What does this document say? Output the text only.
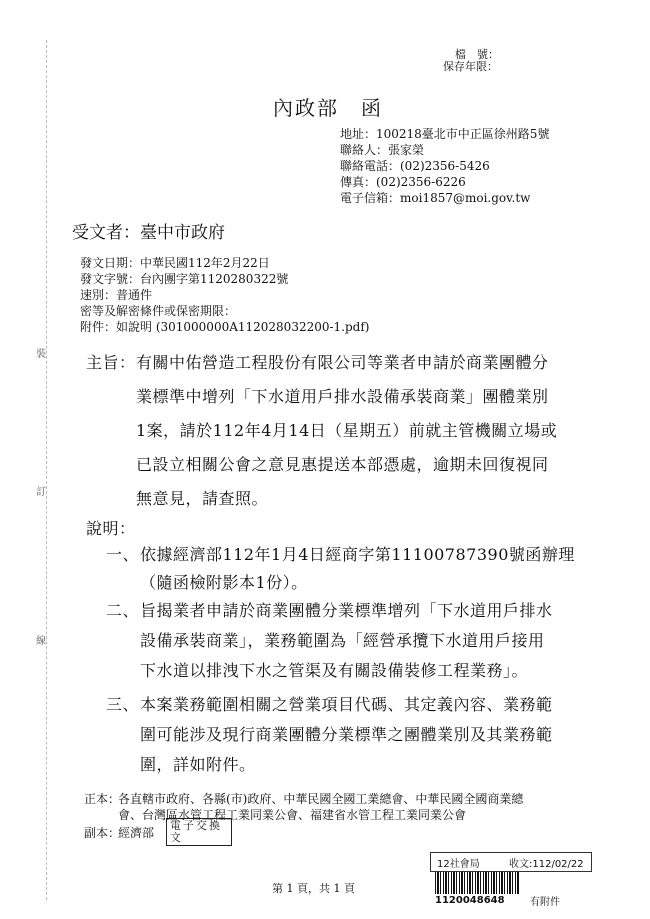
裝
訂
線
檔　號：
保存年限：
內政部　函
地址：100218臺北市中正區徐州路5號
聯絡人：張家榮
聯絡電話：(02)2356-5426
傳真：(02)2356-6226
電子信箱：moi1857@moi.gov.tw
受文者：臺中市政府
發文日期：中華民國112年2月22日
發文字號：台內團字第1120280322號
速別：普通件
密等及解密條件或保密期限：
附件：如說明 (301000000A112028032200-1.pdf)
主旨： 有關中佑營造工程股份有限公司等業者申請於商業團體分
業標準中增列「下水道用戶排水設備承裝商業」團體業別
1案，請於112年4月14日（星期五）前就主管機關立場或
已設立相關公會之意見惠提送本部憑處，逾期未回復視同
無意見，請查照。
說明：
一、 依據經濟部112年1月4日經商字第11100787390號函辦理
（隨函檢附影本1份）。
二、 旨揭業者申請於商業團體分業標準增列「下水道用戶排水
設備承裝商業」，業務範圍為「經營承攬下水道用戶接用
下水道以排洩下水之管渠及有關設備裝修工程業務」。
三、 本案業務範圍相關之營業項目代碼、其定義內容、業務範
圍可能涉及現行商業團體分業標準之團體業別及其業務範
圍，詳如附件。
正本：
各直轄市政府、各縣(市)政府、中華民國全國工業總會、中華民國全國商業總
會、台灣區水管工程工業同業公會、福建省水管工程工業同業公會
副本：
經濟部
電子交換文
12社會局	收文:112/02/22
1120048648	有附件
第 1 頁，共 1 頁
